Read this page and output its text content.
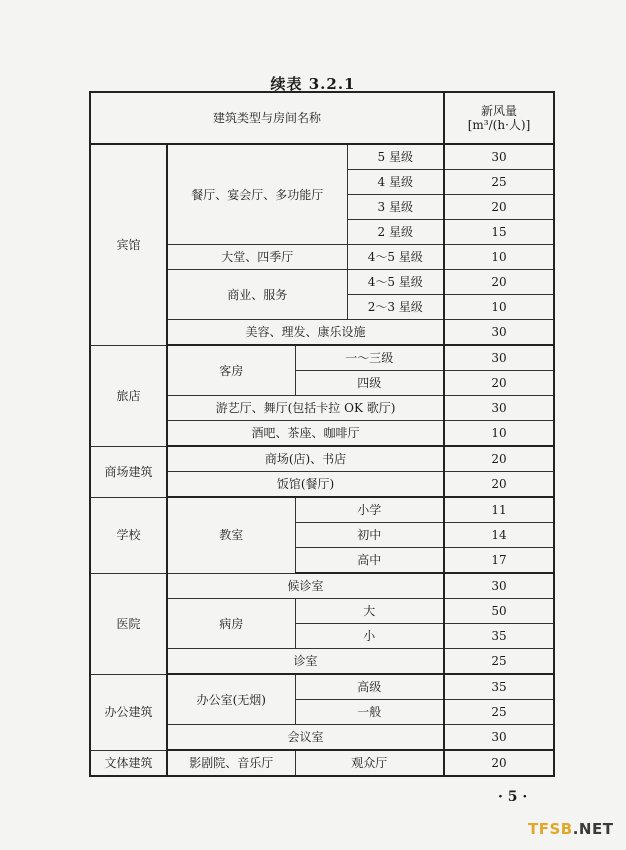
续表 3.2.1
建筑类型与房间名称				新风量
[m³/(h·人)]

宾馆	餐厅、宴会厅、多功能厅		5 星级	30
			4 星级	25
			3 星级	20
			2 星级	15
	大堂、四季厅		4～5 星级	10
	商业、服务		4～5 星级	20
			2～3 星级	10
	美容、理发、康乐设施			30
旅店	客房	一～三级		30
		四级		20
	游艺厅、舞厅(包括卡拉 OK 歌厅)			30
	酒吧、茶座、咖啡厅			10
商场建筑	商场(店)、书店			20
	饭馆(餐厅)			20
学校	教室	小学		11
		初中		14
		高中		17
医院	候诊室			30
	病房	大		50
		小		35
	诊室			25
办公建筑	办公室(无烟)	高级		35
		一般		25
	会议室			30
文体建筑	影剧院、音乐厅	观众厅		20
· 5 ·
TFSB.NET
